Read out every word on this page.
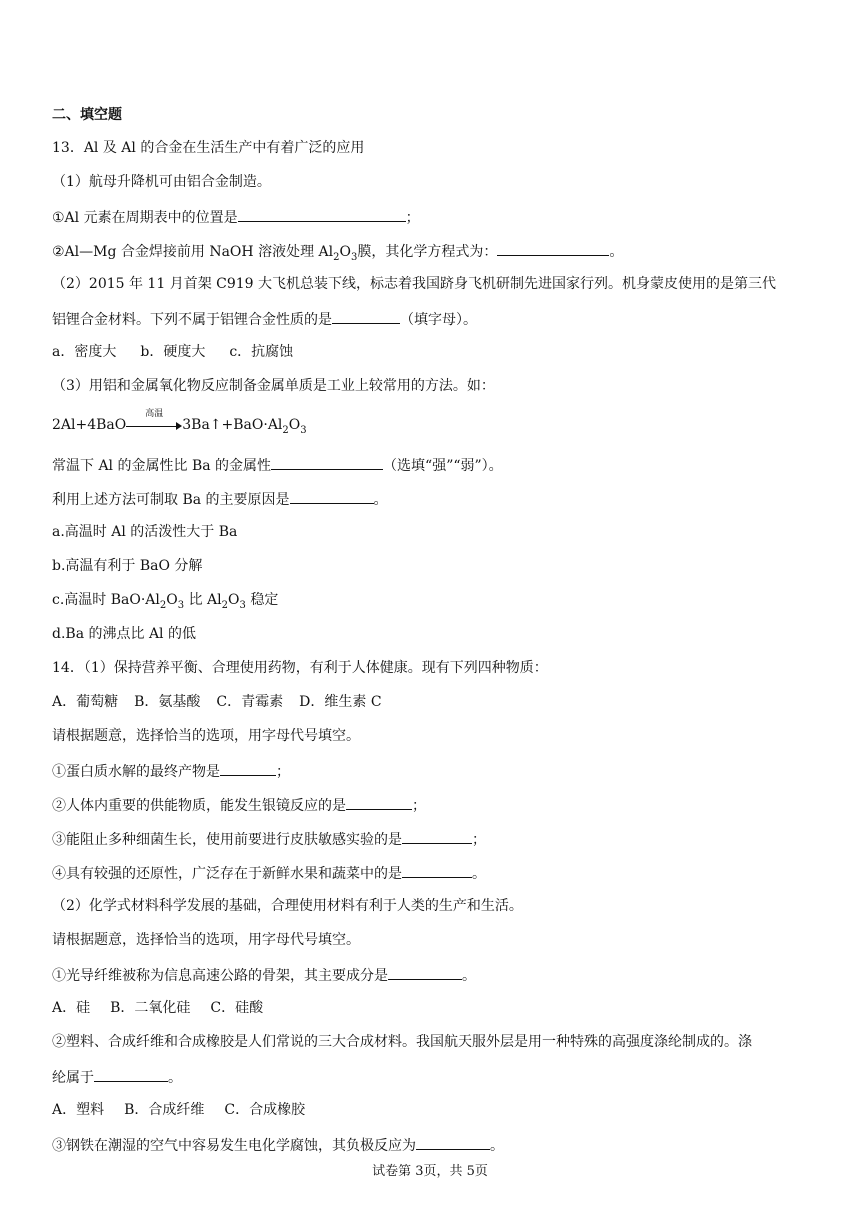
二、填空题
13．Al 及 Al 的合金在生活生产中有着广泛的应用
（1）航母升降机可由铝合金制造。
①Al 元素在周期表中的位置是	；
②Al—Mg 合金焊接前用 NaOH 溶液处理 $Al_2O_3$膜，其化学方程式为：	。
（2）2015 年 11 月首架 C919 大飞机总装下线，标志着我国跻身飞机研制先进国家行列。机身蒙皮使用的是第三代
铝锂合金材料。下列不属于铝锂合金性质的是	（填字母）。
a．密度大 b．硬度大 c．抗腐蚀
（3）用铝和金属氧化物反应制备金属单质是工业上较常用的方法。如：
2Al+4BaO
高温
$3Ba↑+BaO\cdot Al_2O_3$
常温下 Al 的金属性比 Ba 的金属性	（选填“强”“弱”）。
利用上述方法可制取 Ba 的主要原因是	。
a.高温时 Al 的活泼性大于 Ba
b.高温有利于 BaO 分解
c.高温时 $BaO\cdot Al_2O_3$ 比 $Al_2O_3$ 稳定
d.Ba 的沸点比 Al 的低
14．（1）保持营养平衡、合理使用药物，有利于人体健康。现有下列四种物质：
A．葡萄糖 B．氨基酸 C．青霉素 D．维生素 C
请根据题意，选择恰当的选项，用字母代号填空。
①蛋白质水解的最终产物是	；
②人体内重要的供能物质，能发生银镜反应的是	；
③能阻止多种细菌生长，使用前要进行皮肤敏感实验的是	；
④具有较强的还原性，广泛存在于新鲜水果和蔬菜中的是	。
（2）化学式材料科学发展的基础，合理使用材料有利于人类的生产和生活。
请根据题意，选择恰当的选项，用字母代号填空。
①光导纤维被称为信息高速公路的骨架，其主要成分是	。
A．硅 B．二氧化硅 C．硅酸
②塑料、合成纤维和合成橡胶是人们常说的三大合成材料。我国航天服外层是用一种特殊的高强度涤纶制成的。涤
纶属于	。
A．塑料 B．合成纤维 C．合成橡胶
③钢铁在潮湿的空气中容易发生电化学腐蚀，其负极反应为	。
试卷第 3页，共 5页
